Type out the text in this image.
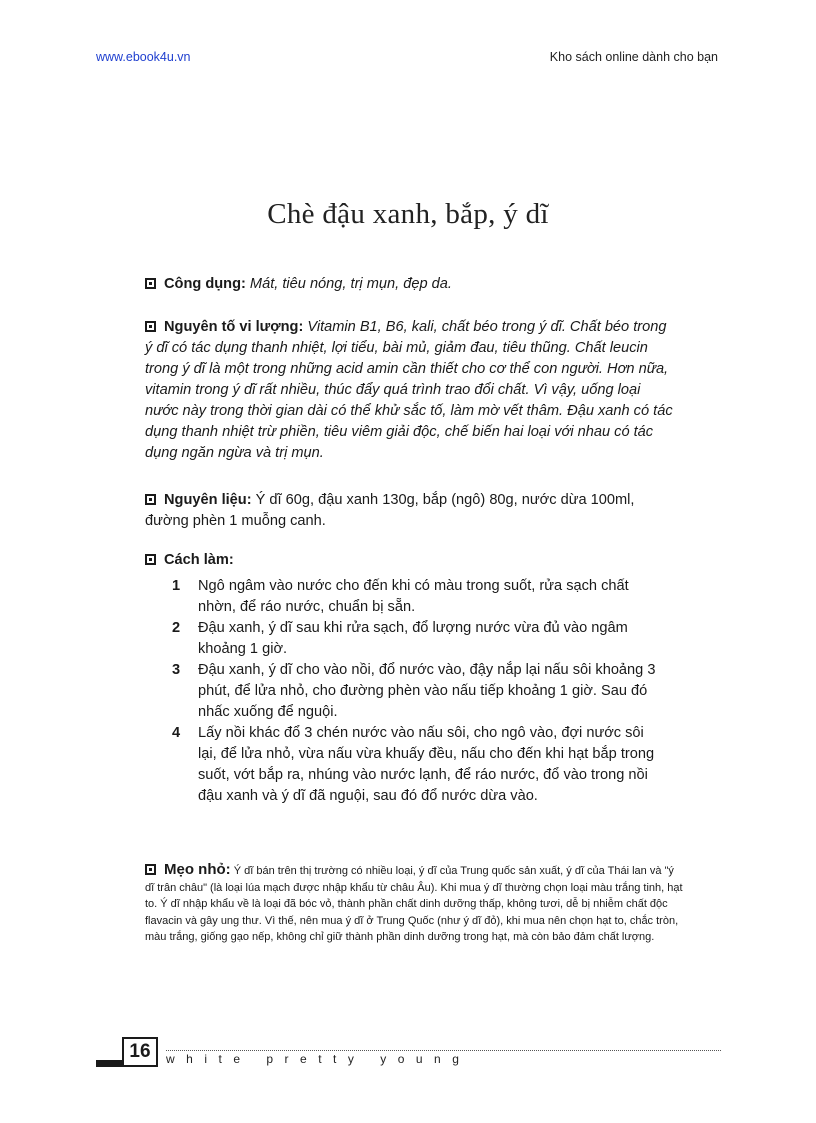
www.ebook4u.vn	Kho sách online dành cho bạn
Chè đậu xanh, bắp, ý dĩ
Công dụng: Mát, tiêu nóng, trị mụn, đẹp da.
Nguyên tố vi lượng: Vitamin B1, B6, kali, chất béo trong ý dĩ. Chất béo trong ý dĩ có tác dụng thanh nhiệt, lợi tiểu, bài mủ, giảm đau, tiêu thũng. Chất leucin trong ý dĩ là một trong những acid amin cần thiết cho cơ thể con người. Hơn nữa, vitamin trong ý dĩ rất nhiều, thúc đẩy quá trình trao đổi chất. Vì vậy, uống loại nước này trong thời gian dài có thể khử sắc tố, làm mờ vết thâm. Đậu xanh có tác dụng thanh nhiệt trừ phiền, tiêu viêm giải độc, chế biến hai loại với nhau có tác dụng ngăn ngừa và trị mụn.
Nguyên liệu: Ý dĩ 60g, đậu xanh 130g, bắp (ngô) 80g, nước dừa 100ml, đường phèn 1 muỗng canh.
Cách làm:
1	Ngô ngâm vào nước cho đến khi có màu trong suốt, rửa sạch chất nhờn, để ráo nước, chuẩn bị sẵn.
2	Đậu xanh, ý dĩ sau khi rửa sạch, đổ lượng nước vừa đủ vào ngâm khoảng 1 giờ.
3	Đậu xanh, ý dĩ cho vào nồi, đổ nước vào, đậy nắp lại nấu sôi khoảng 3 phút, để lửa nhỏ, cho đường phèn vào nấu tiếp khoảng 1 giờ. Sau đó nhấc xuống để nguội.
4	Lấy nồi khác đổ 3 chén nước vào nấu sôi, cho ngô vào, đợi nước sôi lại, để lửa nhỏ, vừa nấu vừa khuấy đều, nấu cho đến khi hạt bắp trong suốt, vớt bắp ra, nhúng vào nước lạnh, để ráo nước, đổ vào trong nồi đậu xanh và ý dĩ đã nguội, sau đó đổ nước dừa vào.
Mẹo nhỏ: Ý dĩ bán trên thị trường có nhiều loại, ý dĩ của Trung quốc sản xuất, ý dĩ của Thái lan và "ý dĩ trân châu" (là loại lúa mạch được nhập khẩu từ châu Âu). Khi mua ý dĩ thường chọn loại màu trắng tinh, hạt to. Ý dĩ nhập khẩu về là loại đã bóc vỏ, thành phần chất dinh dưỡng thấp, không tươi, dễ bị nhiễm chất độc flavacin và gây ung thư. Vì thế, nên mua ý dĩ ở Trung Quốc (như ý dĩ đỏ), khi mua nên chọn hạt to, chắc tròn, màu trắng, giống gạo nếp, không chỉ giữ thành phần dinh dưỡng trong hạt, mà còn bảo đảm chất lượng.
16	white pretty young
